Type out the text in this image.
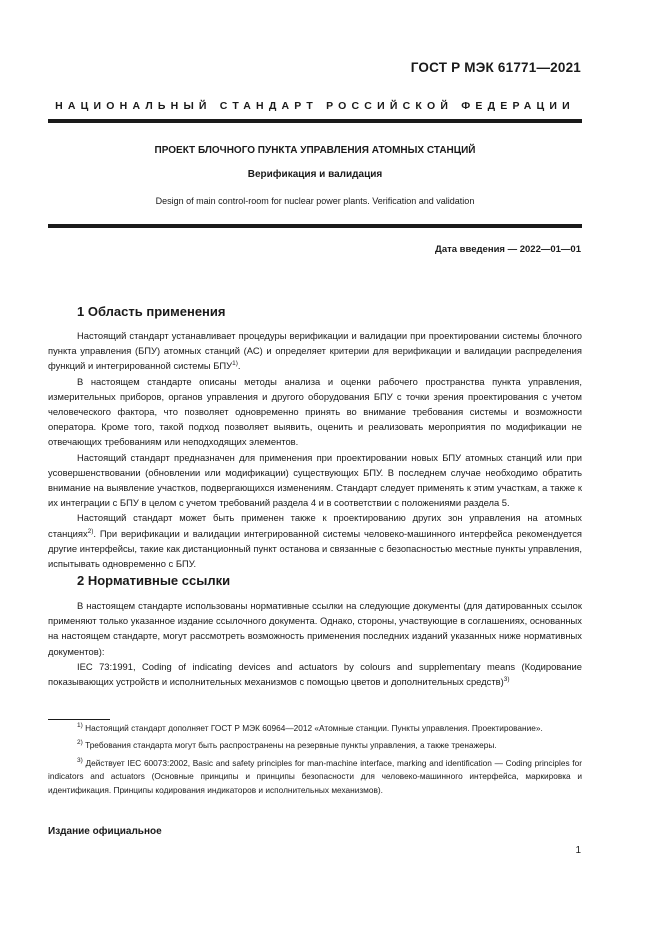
ГОСТ Р МЭК 61771—2021
НАЦИОНАЛЬНЫЙ СТАНДАРТ РОССИЙСКОЙ ФЕДЕРАЦИИ
ПРОЕКТ БЛОЧНОГО ПУНКТА УПРАВЛЕНИЯ АТОМНЫХ СТАНЦИЙ
Верификация и валидация
Design of main control-room for nuclear power plants. Verification and validation
Дата введения — 2022—01—01
1 Область применения

Настоящий стандарт устанавливает процедуры верификации и валидации при проектировании системы блочного пункта управления (БПУ) атомных станций (АС) и определяет критерии для верификации и валидации распределения функций и интегрированной системы БПУ$^{1)}$.

В настоящем стандарте описаны методы анализа и оценки рабочего пространства пункта управления, измерительных приборов, органов управления и другого оборудования БПУ с точки зрения проектирования с учетом человеческого фактора, что позволяет одновременно принять во внимание требования системы и возможности оператора. Кроме того, такой подход позволяет выявить, оценить и реализовать мероприятия по модификации не отвечающих требованиям или неподходящих элементов.

Настоящий стандарт предназначен для применения при проектировании новых БПУ атомных станций или при усовершенствовании (обновлении или модификации) существующих БПУ. В последнем случае необходимо обратить внимание на выявление участков, подвергающихся изменениям. Стандарт следует применять к этим участкам, а также к их интеграции с БПУ в целом с учетом требований раздела 4 и в соответствии с положениями раздела 5.

Настоящий стандарт может быть применен также к проектированию других зон управления на атомных станциях$^{2)}$. При верификации и валидации интегрированной системы человеко-машинного интерфейса рекомендуется другие интерфейсы, такие как дистанционный пункт останова и связанные с безопасностью местные пункты управления, испытывать одновременно с БПУ.

2 Нормативные ссылки

В настоящем стандарте использованы нормативные ссылки на следующие документы (для датированных ссылок применяют только указанное издание ссылочного документа. Однако, стороны, участвующие в соглашениях, основанных на настоящем стандарте, могут рассмотреть возможность применения последних изданий указанных ниже нормативных документов):

IEC 73:1991, Coding of indicating devices and actuators by colours and supplementary means (Кодирование показывающих устройств и исполнительных механизмов с помощью цветов и дополнительных средств)$^{3)}$

$^{1)}$ Настоящий стандарт дополняет ГОСТ Р МЭК 60964—2012 «Атомные станции. Пункты управления. Проектирование».

$^{2)}$ Требования стандарта могут быть распространены на резервные пункты управления, а также тренажеры.

$^{3)}$ Действует IEC 60073:2002, Basic and safety principles for man-machine interface, marking and identification — Coding principles for indicators and actuators (Основные принципы и принципы безопасности для человеко-машинного интерфейса, маркировка и идентификация. Принципы кодирования индикаторов и исполнительных механизмов).

Издание официальное
1
